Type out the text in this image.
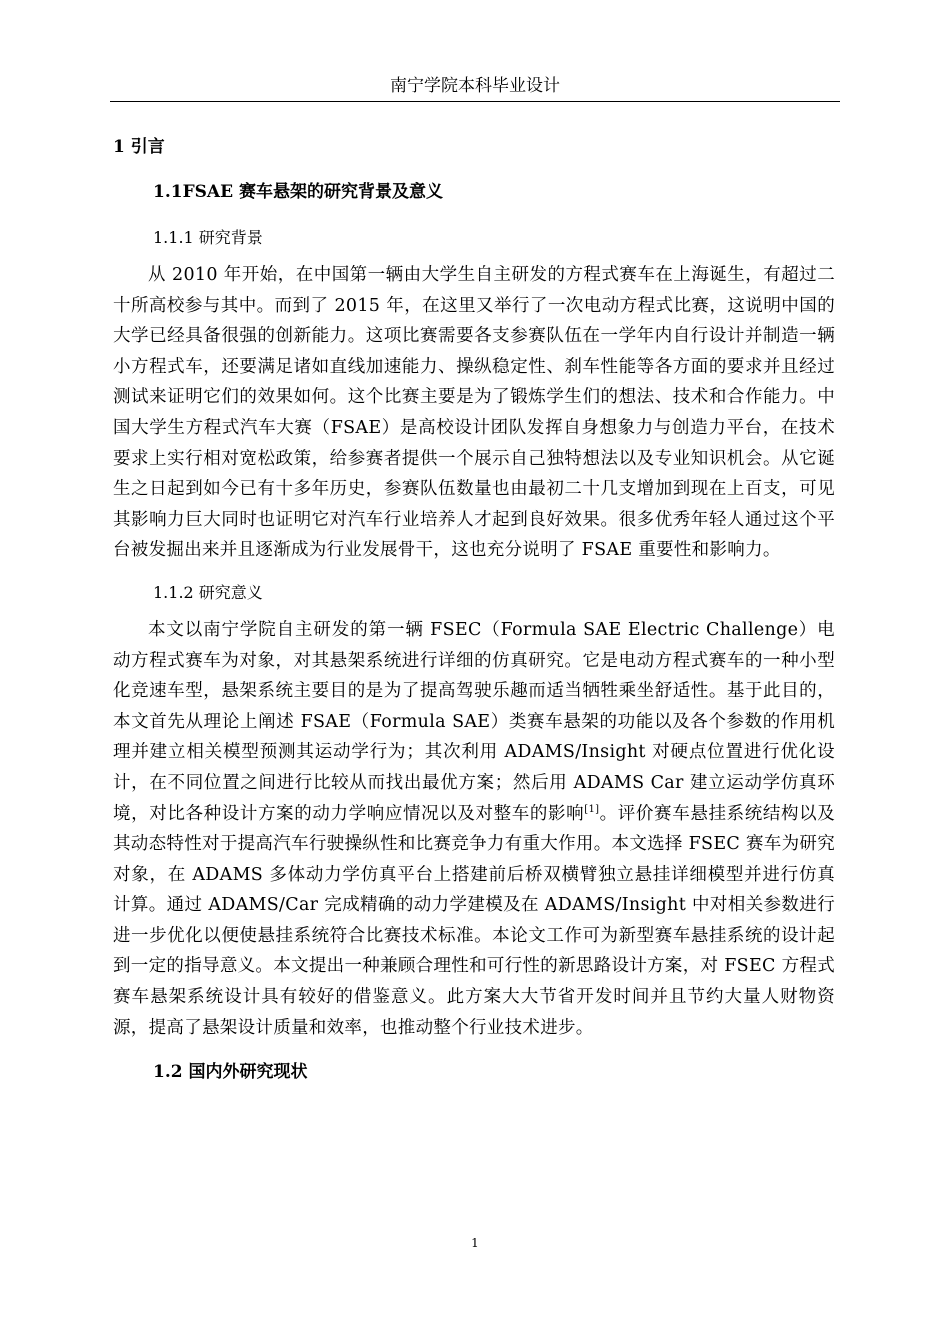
南宁学院本科毕业设计
1 引言
1.1FSAE 赛车悬架的研究背景及意义
1.1.1 研究背景

从 2010 年开始，在中国第一辆由大学生自主研发的方程式赛车在上海诞生，有超过二十所高校参与其中。而到了 2015 年，在这里又举行了一次电动方程式比赛，这说明中国的大学已经具备很强的创新能力。这项比赛需要各支参赛队伍在一学年内自行设计并制造一辆小方程式车，还要满足诸如直线加速能力、操纵稳定性、刹车性能等各方面的要求并且经过测试来证明它们的效果如何。这个比赛主要是为了锻炼学生们的想法、技术和合作能力。中国大学生方程式汽车大赛（FSAE）是高校设计团队发挥自身想象力与创造力平台，在技术要求上实行相对宽松政策，给参赛者提供一个展示自己独特想法以及专业知识机会。从它诞生之日起到如今已有十多年历史，参赛队伍数量也由最初二十几支增加到现在上百支，可见其影响力巨大同时也证明它对汽车行业培养人才起到良好效果。很多优秀年轻人通过这个平台被发掘出来并且逐渐成为行业发展骨干，这也充分说明了 FSAE 重要性和影响力。

1.1.2 研究意义

本文以南宁学院自主研发的第一辆 FSEC（Formula SAE Electric Challenge）电动方程式赛车为对象，对其悬架系统进行详细的仿真研究。它是电动方程式赛车的一种小型化竞速车型，悬架系统主要目的是为了提高驾驶乐趣而适当牺牲乘坐舒适性。基于此目的，本文首先从理论上阐述 FSAE（Formula SAE）类赛车悬架的功能以及各个参数的作用机理并建立相关模型预测其运动学行为；其次利用 ADAMS/Insight 对硬点位置进行优化设计，在不同位置之间进行比较从而找出最优方案；然后用 ADAMS Car 建立运动学仿真环境，对比各种设计方案的动力学响应情况以及对整车的影响[1]。评价赛车悬挂系统结构以及其动态特性对于提高汽车行驶操纵性和比赛竞争力有重大作用。本文选择 FSEC 赛车为研究对象，在 ADAMS 多体动力学仿真平台上搭建前后桥双横臂独立悬挂详细模型并进行仿真计算。通过 ADAMS/Car 完成精确的动力学建模及在 ADAMS/Insight 中对相关参数进行进一步优化以便使悬挂系统符合比赛技术标准。本论文工作可为新型赛车悬挂系统的设计起到一定的指导意义。本文提出一种兼顾合理性和可行性的新思路设计方案，对 FSEC 方程式赛车悬架系统设计具有较好的借鉴意义。此方案大大节省开发时间并且节约大量人财物资源，提高了悬架设计质量和效率，也推动整个行业技术进步。

1.2 国内外研究现状
1
